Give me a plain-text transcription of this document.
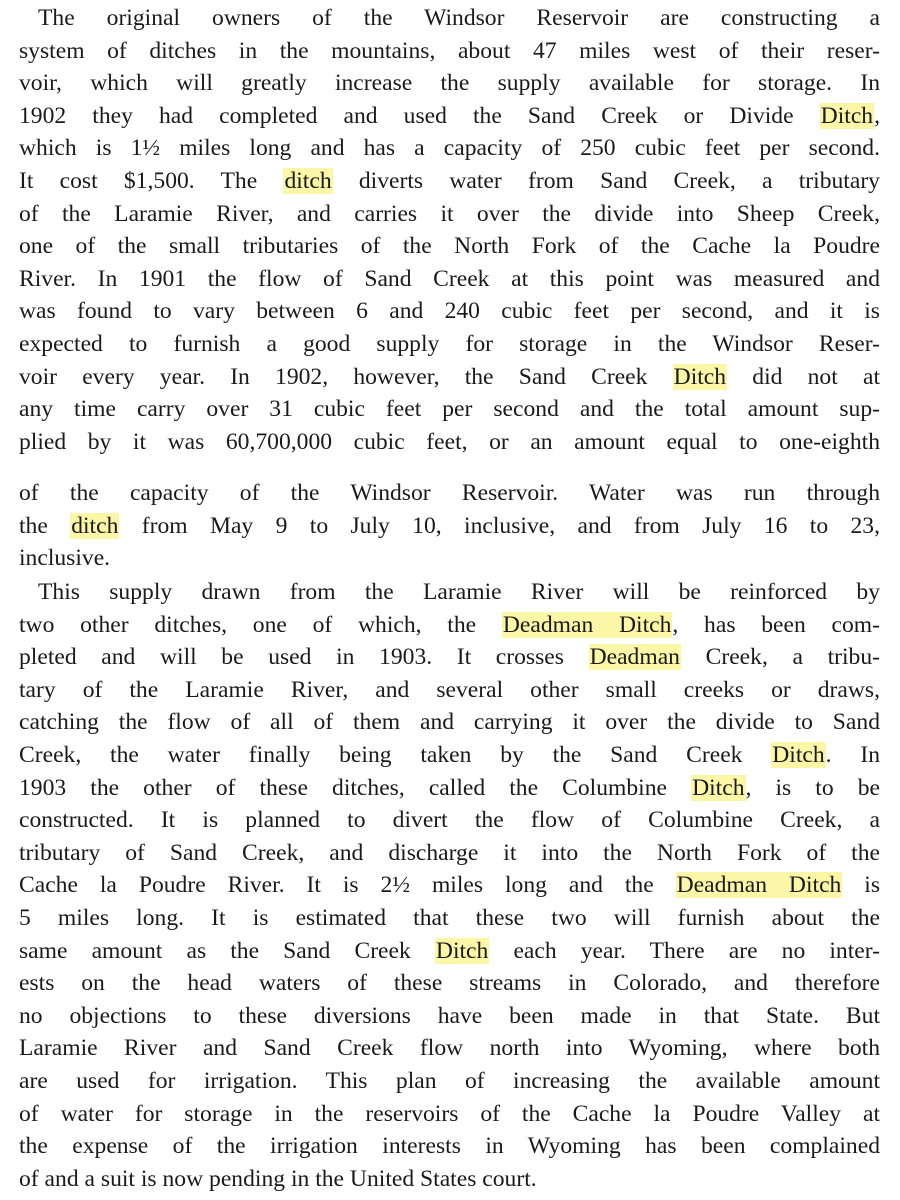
The original owners of the Windsor Reservoir are constructing a
system of ditches in the mountains, about 47 miles west of their reser-
voir, which will greatly increase the supply available for storage. In
1902 they had completed and used the Sand Creek or Divide Ditch,
which is 1½ miles long and has a capacity of 250 cubic feet per second.
It cost $1,500. The ditch diverts water from Sand Creek, a tributary
of the Laramie River, and carries it over the divide into Sheep Creek,
one of the small tributaries of the North Fork of the Cache la Poudre
River. In 1901 the flow of Sand Creek at this point was measured and
was found to vary between 6 and 240 cubic feet per second, and it is
expected to furnish a good supply for storage in the Windsor Reser-
voir every year. In 1902, however, the Sand Creek Ditch did not at
any time carry over 31 cubic feet per second and the total amount sup-
plied by it was 60,700,000 cubic feet, or an amount equal to one-eighth
of the capacity of the Windsor Reservoir. Water was run through
the ditch from May 9 to July 10, inclusive, and from July 16 to 23,
inclusive.
This supply drawn from the Laramie River will be reinforced by
two other ditches, one of which, the Deadman Ditch, has been com-
pleted and will be used in 1903. It crosses Deadman Creek, a tribu-
tary of the Laramie River, and several other small creeks or draws,
catching the flow of all of them and carrying it over the divide to Sand
Creek, the water finally being taken by the Sand Creek Ditch. In
1903 the other of these ditches, called the Columbine Ditch, is to be
constructed. It is planned to divert the flow of Columbine Creek, a
tributary of Sand Creek, and discharge it into the North Fork of the
Cache la Poudre River. It is 2½ miles long and the Deadman Ditch is
5 miles long. It is estimated that these two will furnish about the
same amount as the Sand Creek Ditch each year. There are no inter-
ests on the head waters of these streams in Colorado, and therefore
no objections to these diversions have been made in that State. But
Laramie River and Sand Creek flow north into Wyoming, where both
are used for irrigation. This plan of increasing the available amount
of water for storage in the reservoirs of the Cache la Poudre Valley at
the expense of the irrigation interests in Wyoming has been complained
of and a suit is now pending in the United States court.
